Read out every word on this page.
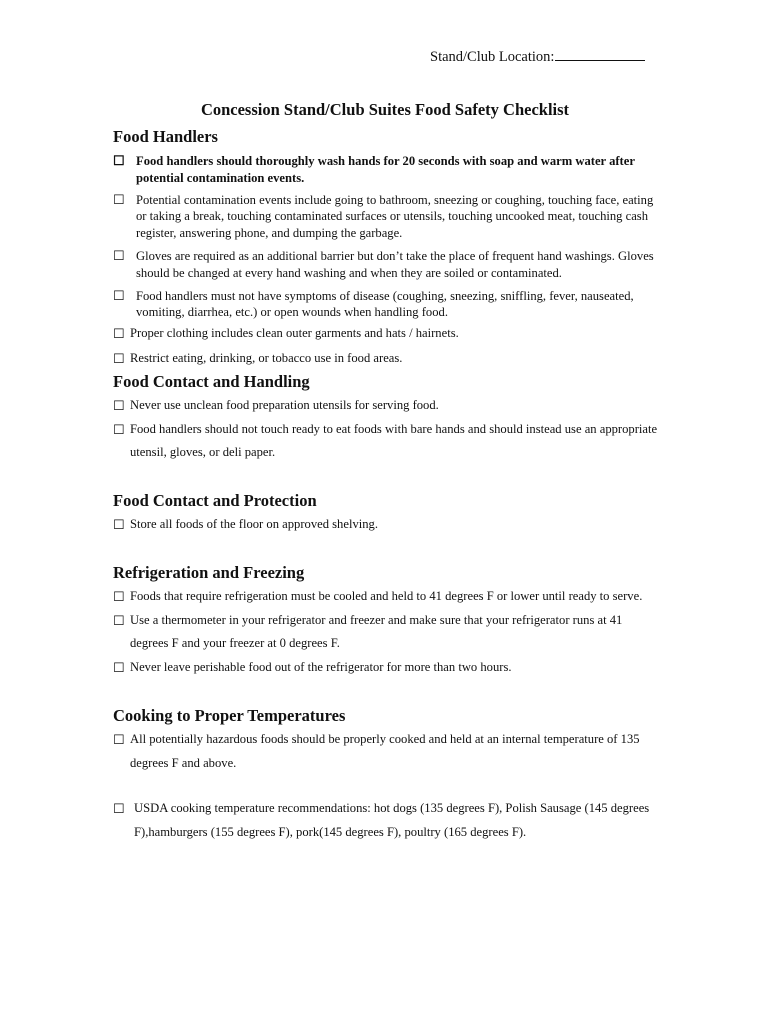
Stand/Club Location:
Concession Stand/Club Suites Food Safety Checklist
Food Handlers
☐ Food handlers should thoroughly wash hands for 20 seconds with soap and warm water after potential contamination events.
☐ Potential contamination events include going to bathroom, sneezing or coughing, touching face, eating or taking a break, touching contaminated surfaces or utensils, touching uncooked meat, touching cash register, answering phone, and dumping the garbage.
☐ Gloves are required as an additional barrier but don’t take the place of frequent hand washings. Gloves should be changed at every hand washing and when they are soiled or contaminated.
☐ Food handlers must not have symptoms of disease (coughing, sneezing, sniffling, fever, nauseated, vomiting, diarrhea, etc.) or open wounds when handling food.
☐ Proper clothing includes clean outer garments and hats / hairnets.
☐ Restrict eating, drinking, or tobacco use in food areas.
Food Contact and Handling
☐ Never use unclean food preparation utensils for serving food.
☐ Food handlers should not touch ready to eat foods with bare hands and should instead use an appropriate utensil, gloves, or deli paper.
Food Contact and Protection
☐ Store all foods of the floor on approved shelving.
Refrigeration and Freezing
☐ Foods that require refrigeration must be cooled and held to 41 degrees F or lower until ready to serve.
☐ Use a thermometer in your refrigerator and freezer and make sure that your refrigerator runs at 41 degrees F and your freezer at 0 degrees F.
☐ Never leave perishable food out of the refrigerator for more than two hours.
Cooking to Proper Temperatures
☐ All potentially hazardous foods should be properly cooked and held at an internal temperature of 135 degrees F and above.
☐ USDA cooking temperature recommendations: hot dogs (135 degrees F), Polish Sausage (145 degrees F),hamburgers (155 degrees F), pork(145 degrees F), poultry (165 degrees F).
